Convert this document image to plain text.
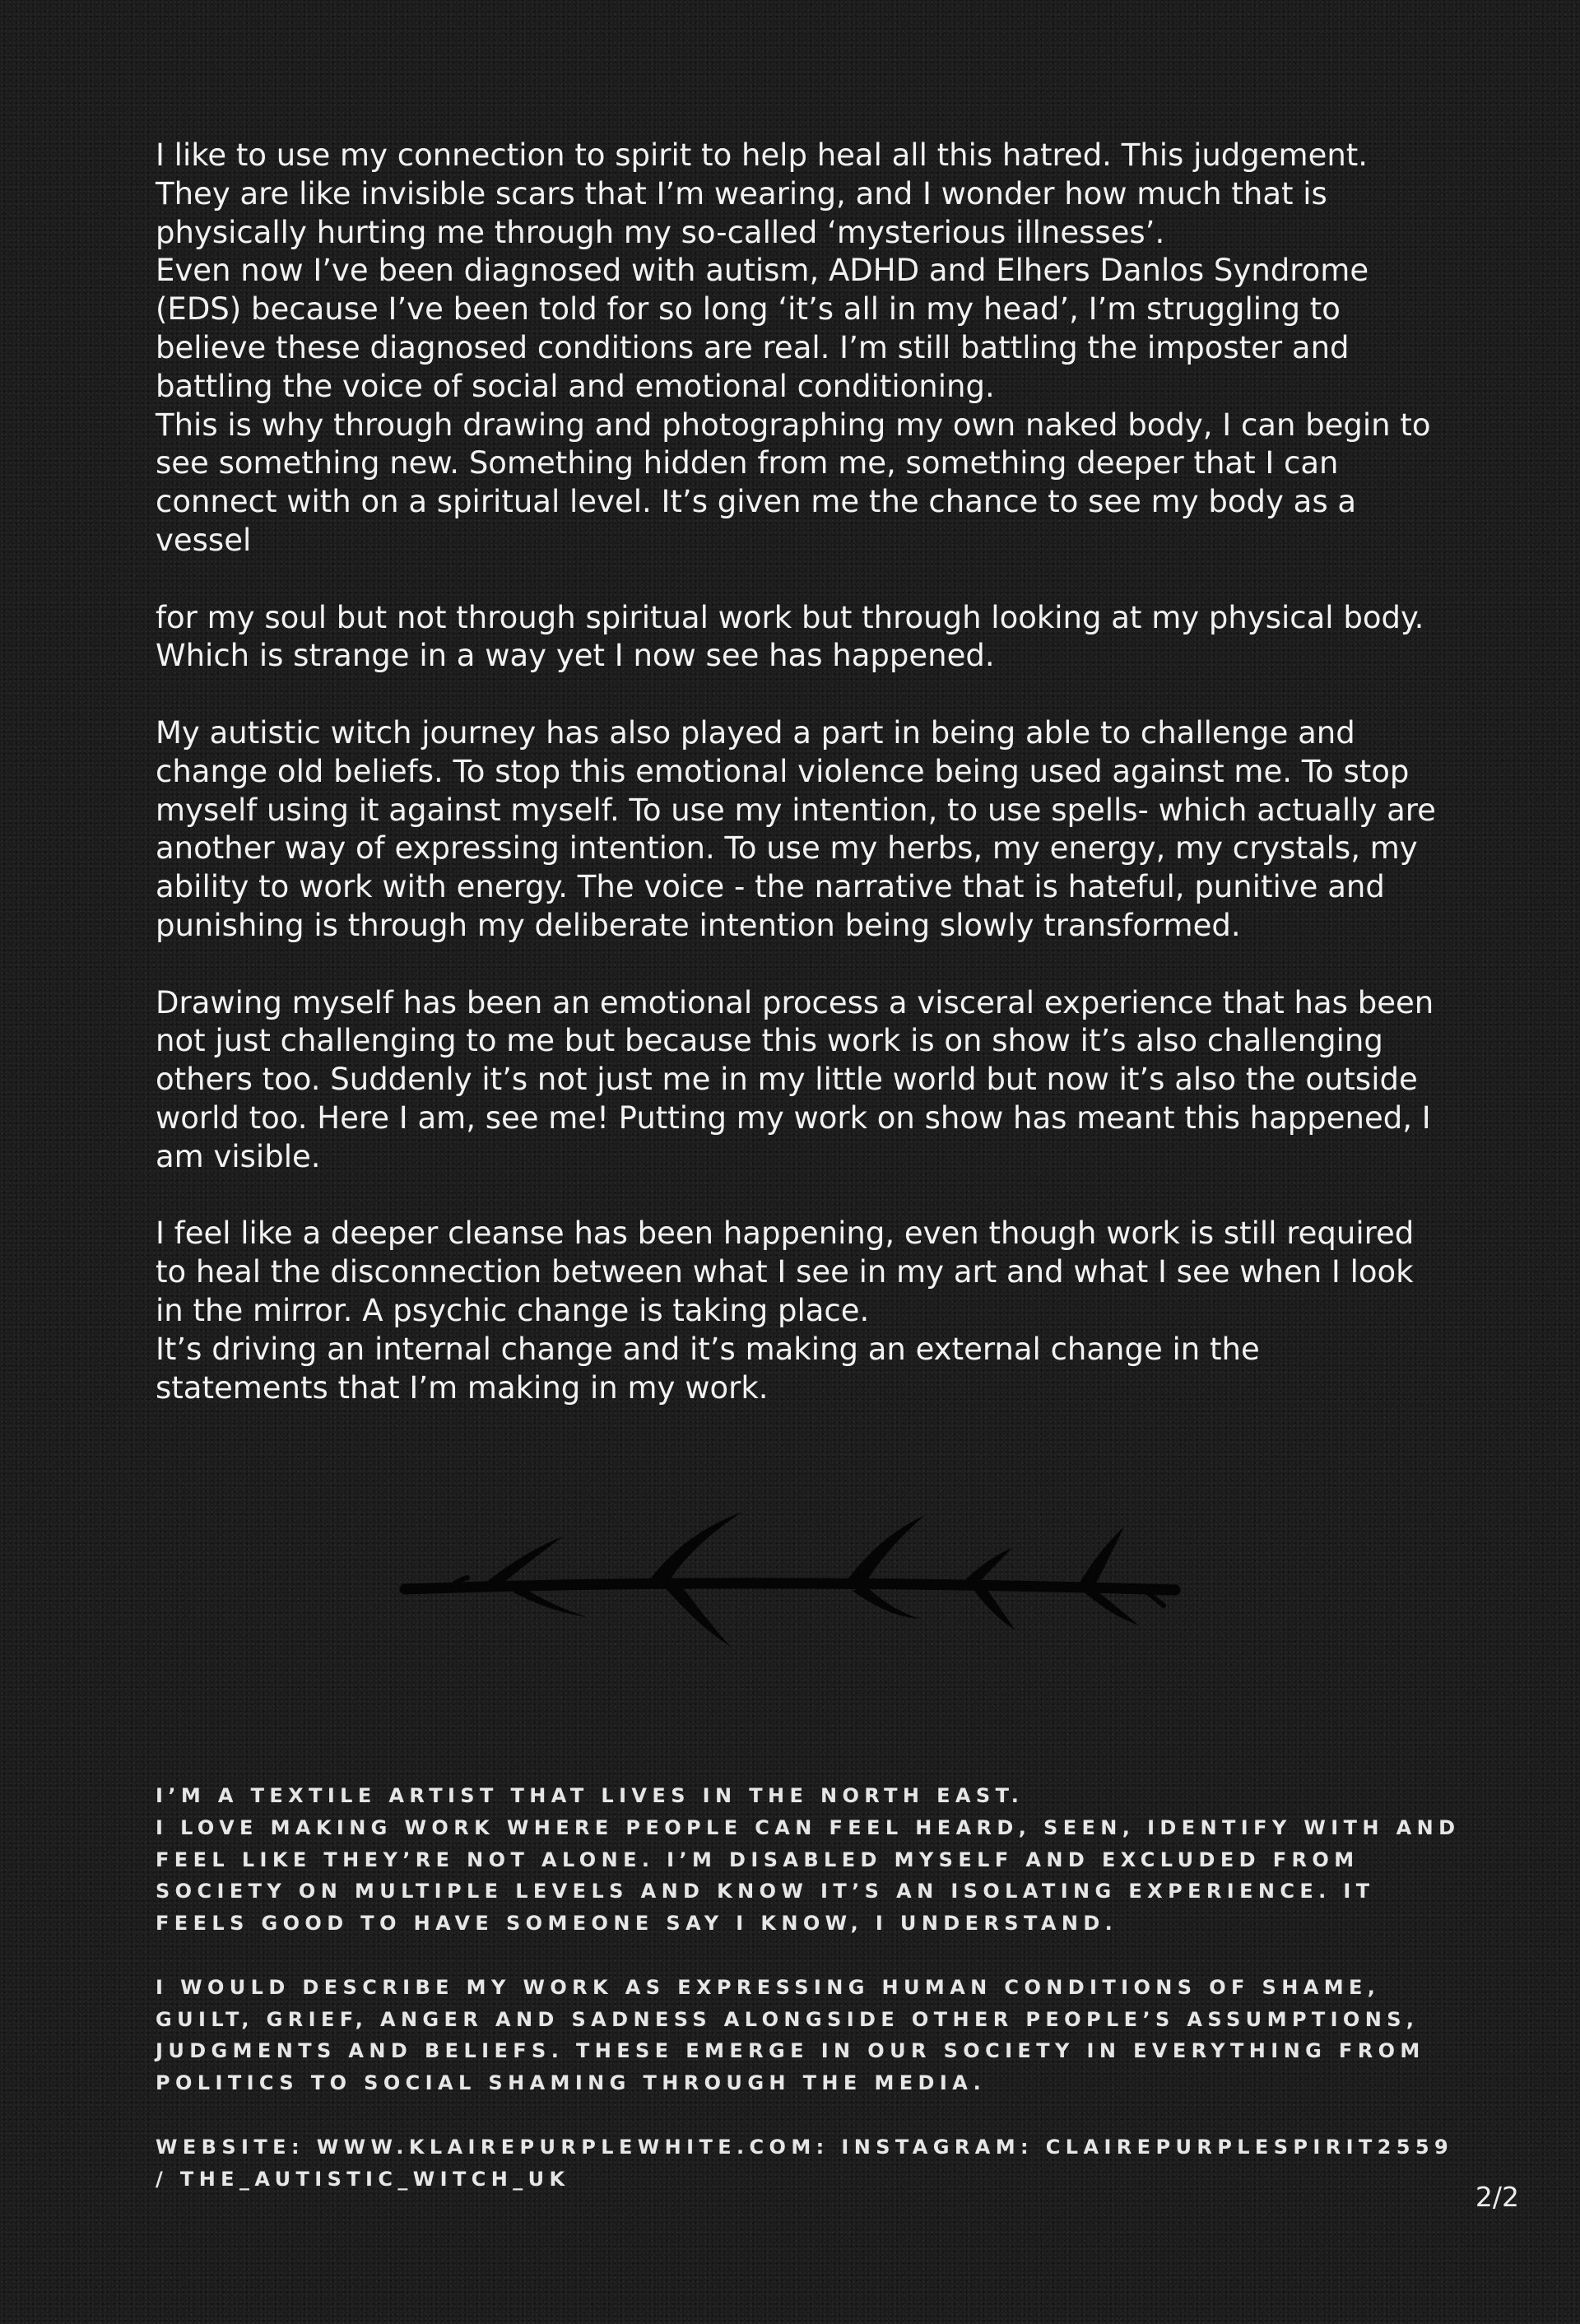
I like to use my connection to spirit to help heal all this hatred. This judgement. They are like invisible scars that I’m wearing, and I wonder how much that is physically hurting me through my so-called ‘mysterious illnesses’.
Even now I’ve been diagnosed with autism, ADHD and Elhers Danlos Syndrome (EDS) because I’ve been told for so long ‘it’s all in my head’, I’m struggling to believe these diagnosed conditions are real. I’m still battling the imposter and battling the voice of social and emotional conditioning.
This is why through drawing and photographing my own naked body, I can begin to see something new. Something hidden from me, something deeper that I can connect with on a spiritual level. It’s given me the chance to see my body as a vessel

for my soul but not through spiritual work but through looking at my physical body. Which is strange in a way yet I now see has happened.

My autistic witch journey has also played a part in being able to challenge and change old beliefs. To stop this emotional violence being used against me. To stop myself using it against myself. To use my intention, to use spells- which actually are another way of expressing intention. To use my herbs, my energy, my crystals, my ability to work with energy. The voice - the narrative that is hateful, punitive and punishing is through my deliberate intention being slowly transformed.

Drawing myself has been an emotional process a visceral experience that has been not just challenging to me but because this work is on show it’s also challenging others too. Suddenly it’s not just me in my little world but now it’s also the outside world too. Here I am, see me! Putting my work on show has meant this happened, I am visible.

I feel like a deeper cleanse has been happening, even though work is still required to heal the disconnection between what I see in my art and what I see when I look in the mirror. A psychic change is taking place.
It’s driving an internal change and it’s making an external change in the statements that I’m making in my work.

I’M A TEXTILE ARTIST THAT LIVES IN THE NORTH EAST.
I LOVE MAKING WORK WHERE PEOPLE CAN FEEL HEARD, SEEN, IDENTIFY WITH AND FEEL LIKE THEY’RE NOT ALONE. I’M DISABLED MYSELF AND EXCLUDED FROM SOCIETY ON MULTIPLE LEVELS AND KNOW IT’S AN ISOLATING EXPERIENCE. IT FEELS GOOD TO HAVE SOMEONE SAY I KNOW, I UNDERSTAND.

I WOULD DESCRIBE MY WORK AS EXPRESSING HUMAN CONDITIONS OF SHAME, GUILT, GRIEF, ANGER AND SADNESS ALONGSIDE OTHER PEOPLE’S ASSUMPTIONS, JUDGMENTS AND BELIEFS. THESE EMERGE IN OUR SOCIETY IN EVERYTHING FROM POLITICS TO SOCIAL SHAMING THROUGH THE MEDIA.

WEBSITE: WWW.KLAIREPURPLEWHITE.COM: INSTAGRAM: CLAIREPURPLESPIRIT2559 / THE_AUTISTIC_WITCH_UK

2/2
